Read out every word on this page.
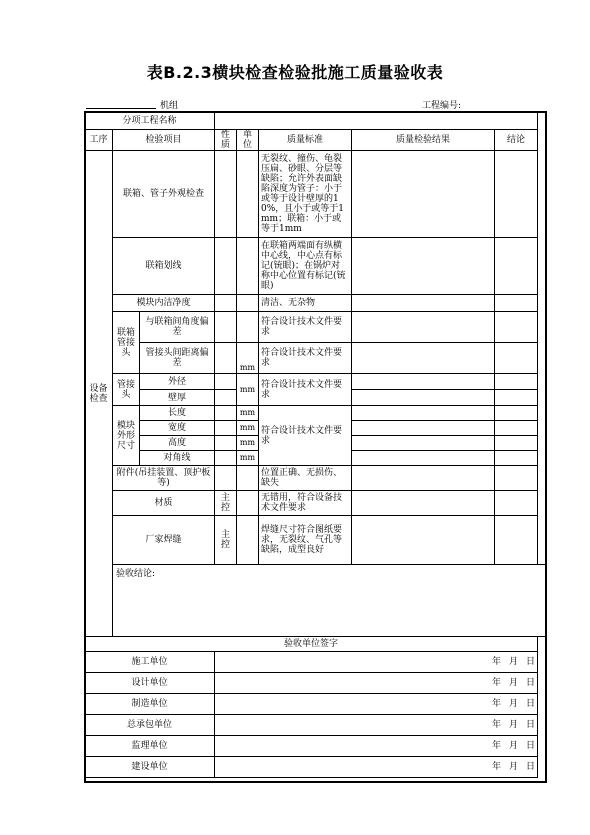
表B.2.3横块检查检验批施工质量验收表
机组	工程编号:
分项工程名称							
工序	检验项目		性质	单位	质量标准	质量检验结果	结论
设备检查	联箱、管子外观检查				无裂纹、撞伤、龟裂压扁、砂眼、分层等缺陷；允许外表面缺陷深度为管子：小于或等于设计壁厚的10%，且小于或等于1mm；联箱：小于或等于1mm		
	联箱划线				在联箱两端面有纵横中心线，中心点有标记(铳眼)；在锅炉对称中心位置有标记(铳眼)		
	模块内洁净度				清洁、无杂物		
	联箱管接头	与联箱间角度偏差			符合设计技术文件要求		
		管接头间距离偏差		mm	符合设计技术文件要求		
	管接头	外径		mm	符合设计技术文件要求		
		壁厚					
	模块外形尺寸	长度		mm	符合设计技术文件要求		
		宽度		mm			
		高度		mm			
		对角线		mm			
	附件(吊挂装置、顶护板等)				位置正确、无损伤、缺失		
	材质		主控		无错用，符合设备技术文件要求		
	厂家焊缝		主控		焊缝尺寸符合图纸要求，无裂纹、气孔等缺陷，成型良好		
	验收结论:						
验收单位签字							
施工单位			年 月 日				
设计单位			年 月 日				
制造单位			年 月 日				
总承包单位			年 月 日				
监理单位			年 月 日				
建设单位			年 月 日				
